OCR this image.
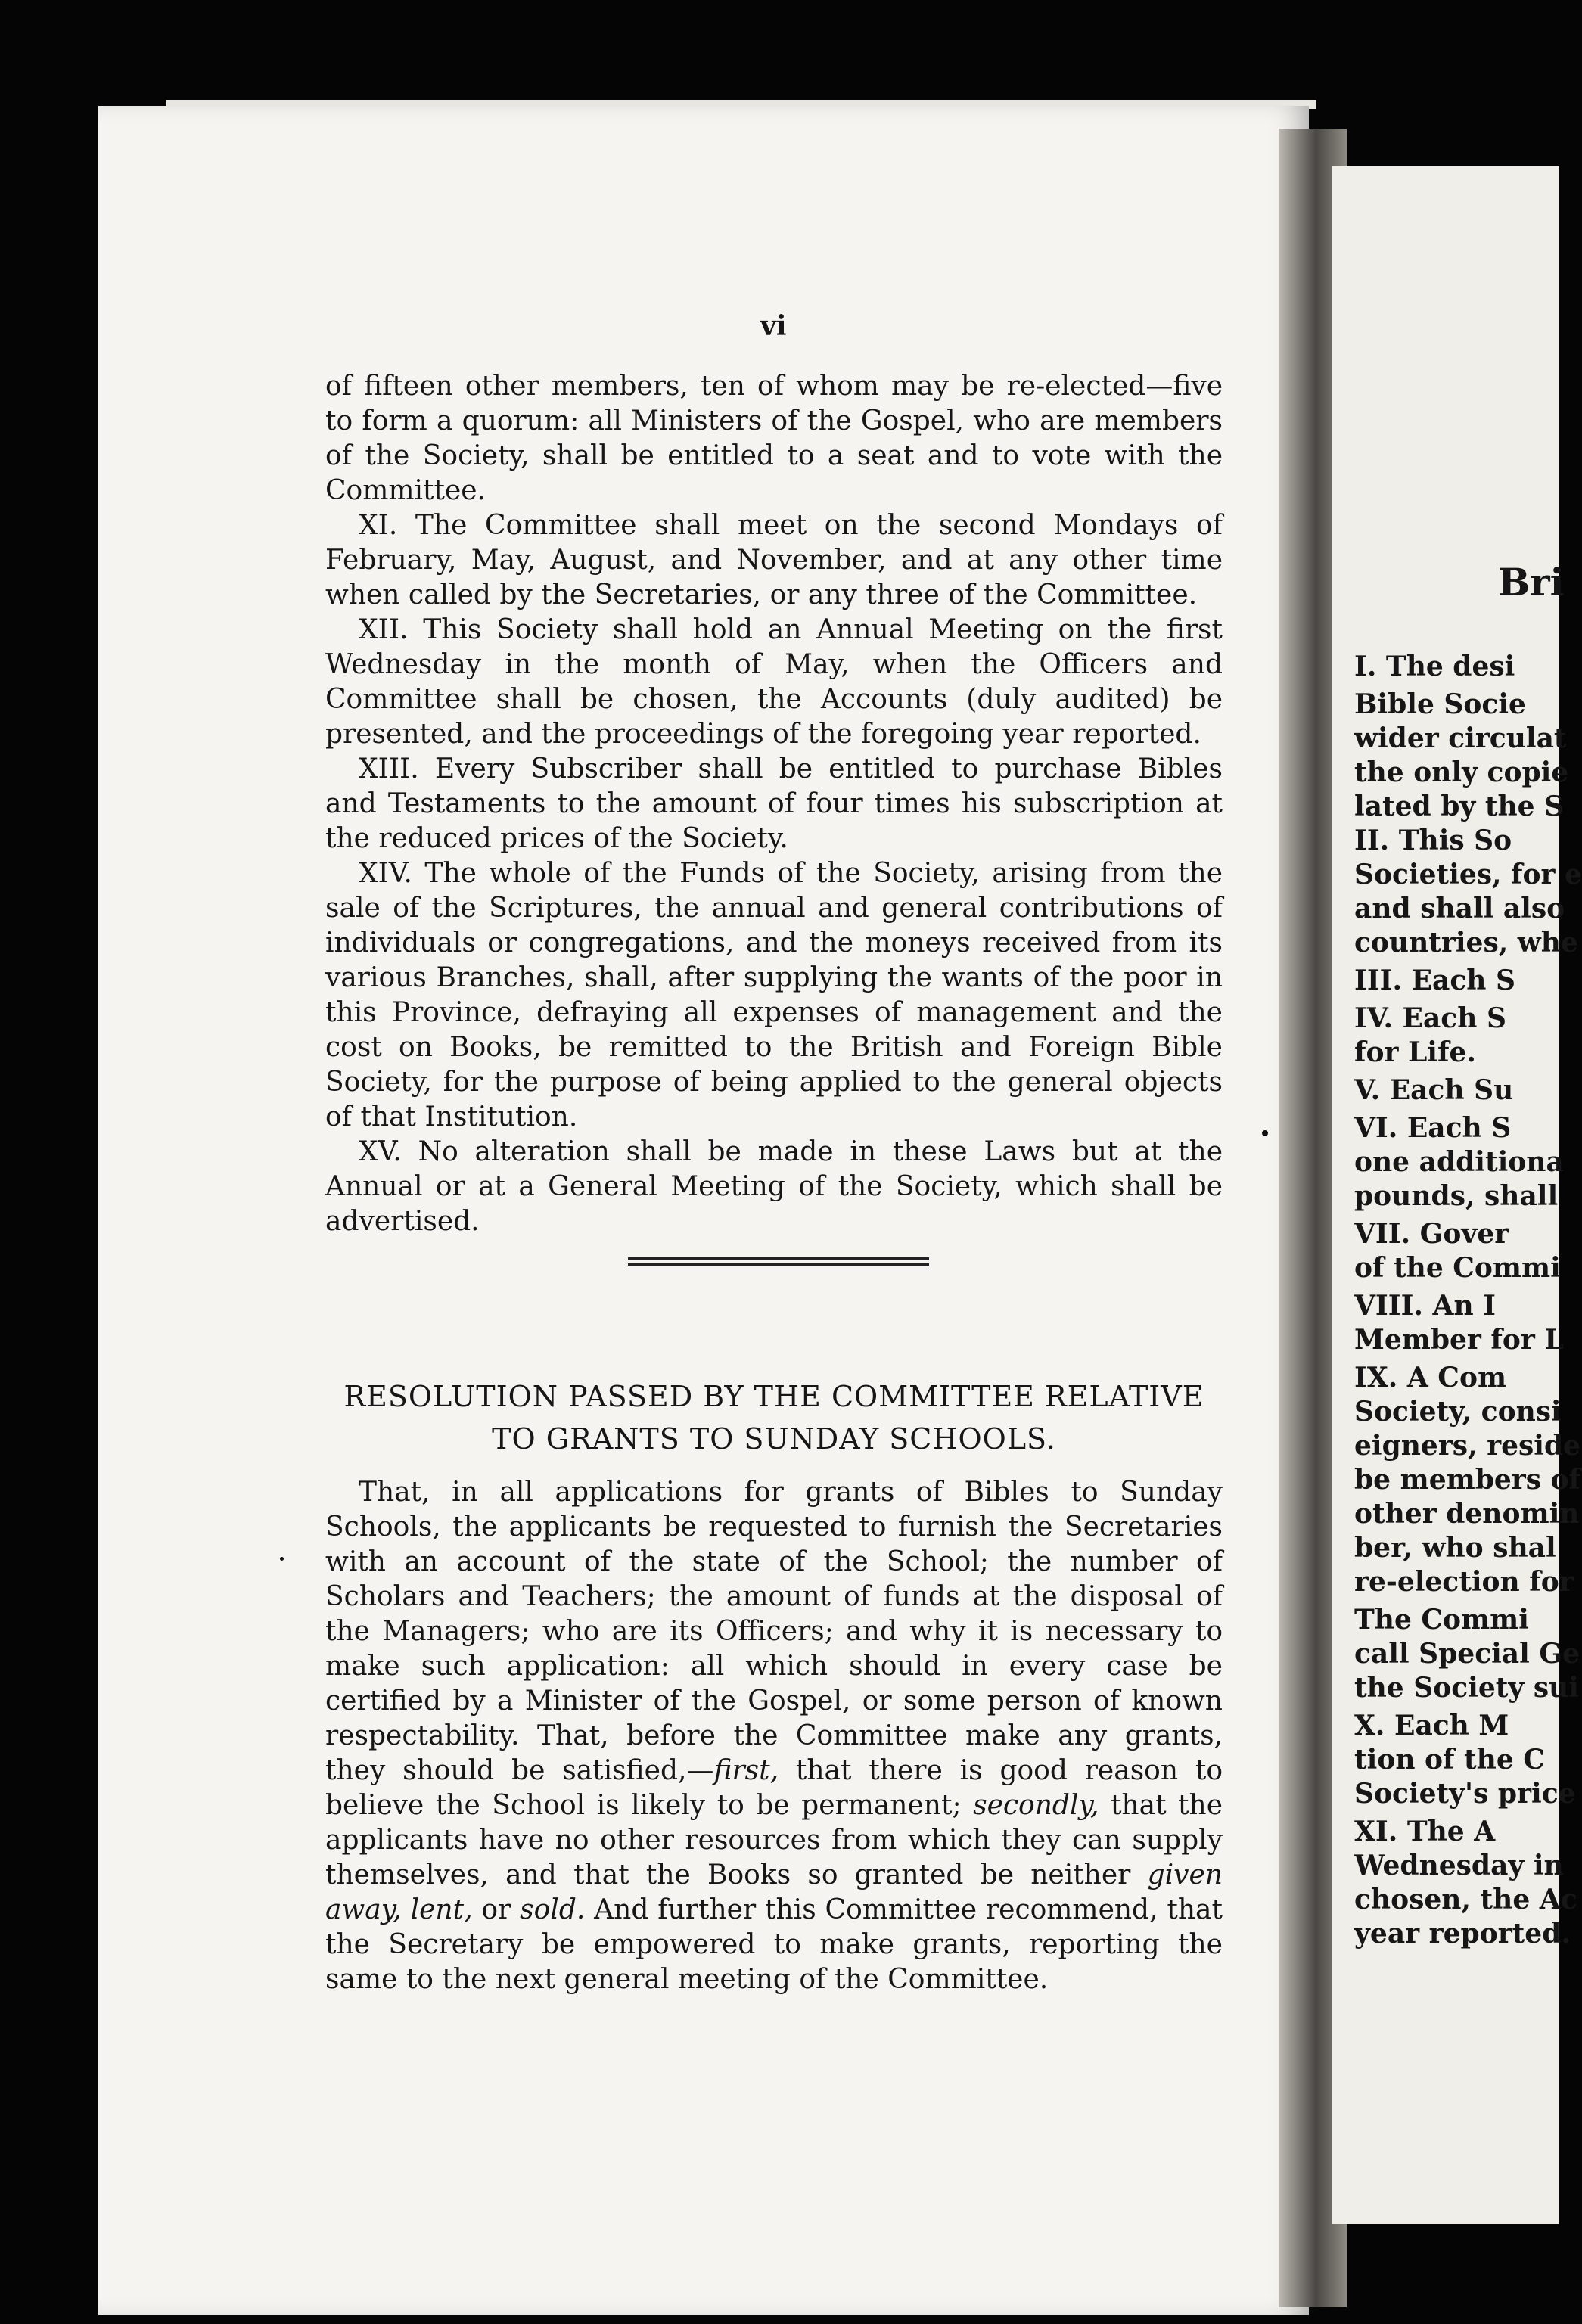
vi

of fifteen other members, ten of whom may be re-elected—five to form a quorum: all Ministers of the Gospel, who are members of the Society, shall be entitled to a seat and to vote with the Committee.

XI. The Committee shall meet on the second Mondays of February, May, August, and November, and at any other time when called by the Secretaries, or any three of the Committee.

XII. This Society shall hold an Annual Meeting on the first Wednesday in the month of May, when the Officers and Committee shall be chosen, the Accounts (duly audited) be presented, and the proceedings of the foregoing year reported.

XIII. Every Subscriber shall be entitled to purchase Bibles and Testaments to the amount of four times his subscription at the reduced prices of the Society.

XIV. The whole of the Funds of the Society, arising from the sale of the Scriptures, the annual and general contributions of individuals or congregations, and the moneys received from its various Branches, shall, after supplying the wants of the poor in this Province, defraying all expenses of management and the cost on Books, be remitted to the British and Foreign Bible Society, for the purpose of being applied to the general objects of that Institution.

XV. No alteration shall be made in these Laws but at the Annual or at a General Meeting of the Society, which shall be advertised.

RESOLUTION PASSED BY THE COMMITTEE RELATIVE
TO GRANTS TO SUNDAY SCHOOLS.

That, in all applications for grants of Bibles to Sunday Schools, the applicants be requested to furnish the Secretaries with an account of the state of the School; the number of Scholars and Teachers; the amount of funds at the disposal of the Managers; who are its Officers; and why it is necessary to make such application: all which should in every case be certified by a Minister of the Gospel, or some person of known respectability. That, before the Committee make any grants, they should be satisfied,—first, that there is good reason to believe the School is likely to be permanent; secondly, that the applicants have no other resources from which they can supply themselves, and that the Books so granted be neither given away, lent, or sold. And further this Committee recommend, that the Secretary be empowered to make grants, reporting the same to the next general meeting of the Committee.

Bri
I. The desi
Bible Socie
wider circulat
the only copie
lated by the S
II. This So
Societies, for e
and shall also
countries, whe
III. Each S
IV. Each S
for Life.
V. Each Su
VI. Each S
one additiona
pounds, shall
VII. Gover
of the Commi
VIII. An I
Member for L
IX. A Com
Society, consi
eigners, reside
be members of
other denomin
ber, who shal
re-election for
The Commi
call Special Ge
the Society sui
X. Each M
tion of the C
Society's price
XI. The A
Wednesday in
chosen, the Ac
year reported.
